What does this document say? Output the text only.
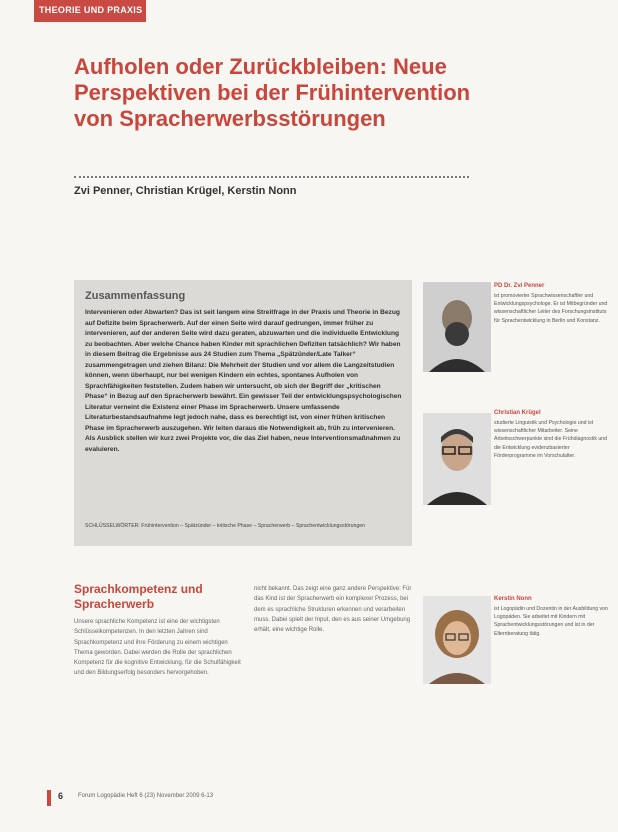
THEORIE UND PRAXIS
Aufholen oder Zurückbleiben: Neue Perspektiven bei der Frühintervention von Spracherwerbsstörungen
Zvi Penner, Christian Krügel, Kerstin Nonn
Zusammenfassung

Intervenieren oder Abwarten? Das ist seit langem eine Streitfrage in der Praxis und Theorie in Bezug auf Defizite beim Spracherwerb. Auf der einen Seite wird darauf gedrungen, immer früher zu intervenieren, auf der anderen Seite wird dazu geraten, abzuwarten und die individuelle Entwicklung zu beobachten. Aber welche Chance haben Kinder mit sprachlichen Defiziten tatsächlich? Wir haben in diesem Beitrag die Ergebnisse aus 24 Studien zum Thema „Spätzünder/Late Talker“ zusammengetragen und ziehen Bilanz: Die Mehrheit der Studien und vor allem die Langzeitstudien können, wenn überhaupt, nur bei wenigen Kindern ein echtes, spontanes Aufholen von Sprachfähigkeiten feststellen. Zudem haben wir untersucht, ob sich der Begriff der „kritischen Phase“ in Bezug auf den Spracherwerb bewährt. Ein gewisser Teil der entwicklungspsychologischen Literatur verneint die Existenz einer Phase im Spracherwerb. Unsere umfassende Literaturbestandsaufnahme legt jedoch nahe, dass es berechtigt ist, von einer frühen kritischen Phase im Spracherwerb auszugehen. Wir leiten daraus die Notwendigkeit ab, früh zu intervenieren. Als Ausblick stellen wir kurz zwei Projekte vor, die das Ziel haben, neue Interventionsmaßnahmen zu evaluieren.

SCHLÜSSELWÖRTER: Frühintervention – Spätzünder – kritische Phase – Spracherwerb – Sprachentwicklungsstörungen

PD Dr. Zvi Penner

ist promovierter Sprachwissenschaftler und Entwicklungspsychologe. Er ist Mitbegründer und wissenschaftlicher Leiter des Forschungsinstituts für Sprachentwicklung in Berlin und Konstanz.

Christian Krügel

studierte Linguistik und Psychologie und ist wissenschaftlicher Mitarbeiter. Seine Arbeitsschwerpunkte sind die Frühdiagnostik und die Entwicklung evidenzbasierter Förderprogramme im Vorschulalter.

Kerstin Nonn

ist Logopädin und Dozentin in der Ausbildung von Logopäden. Sie arbeitet mit Kindern mit Sprachentwicklungsstörungen und ist in der Elternberatung tätig.

Sprachkompetenz und Spracherwerb

Unsere sprachliche Kompetenz ist eine der wichtigsten Schlüsselkompetenzen. In den letzten Jahren sind Sprachkompetenz und ihre Förderung zu einem wichtigen Thema geworden. Dabei werden die Rolle der sprachlichen Kompetenz für die kognitive Entwicklung, für die Schulfähigkeit und den Bildungserfolg besonders hervorgehoben.

nicht bekannt. Das zeigt eine ganz andere Perspektive: Für das Kind ist der Spracherwerb ein komplexer Prozess, bei dem es sprachliche Strukturen erkennen und verarbeiten muss. Dabei spielt der Input, den es aus seiner Umgebung erhält, eine wichtige Rolle.

6 Forum Logopädie Heft 6 (23) November 2009 6-13
